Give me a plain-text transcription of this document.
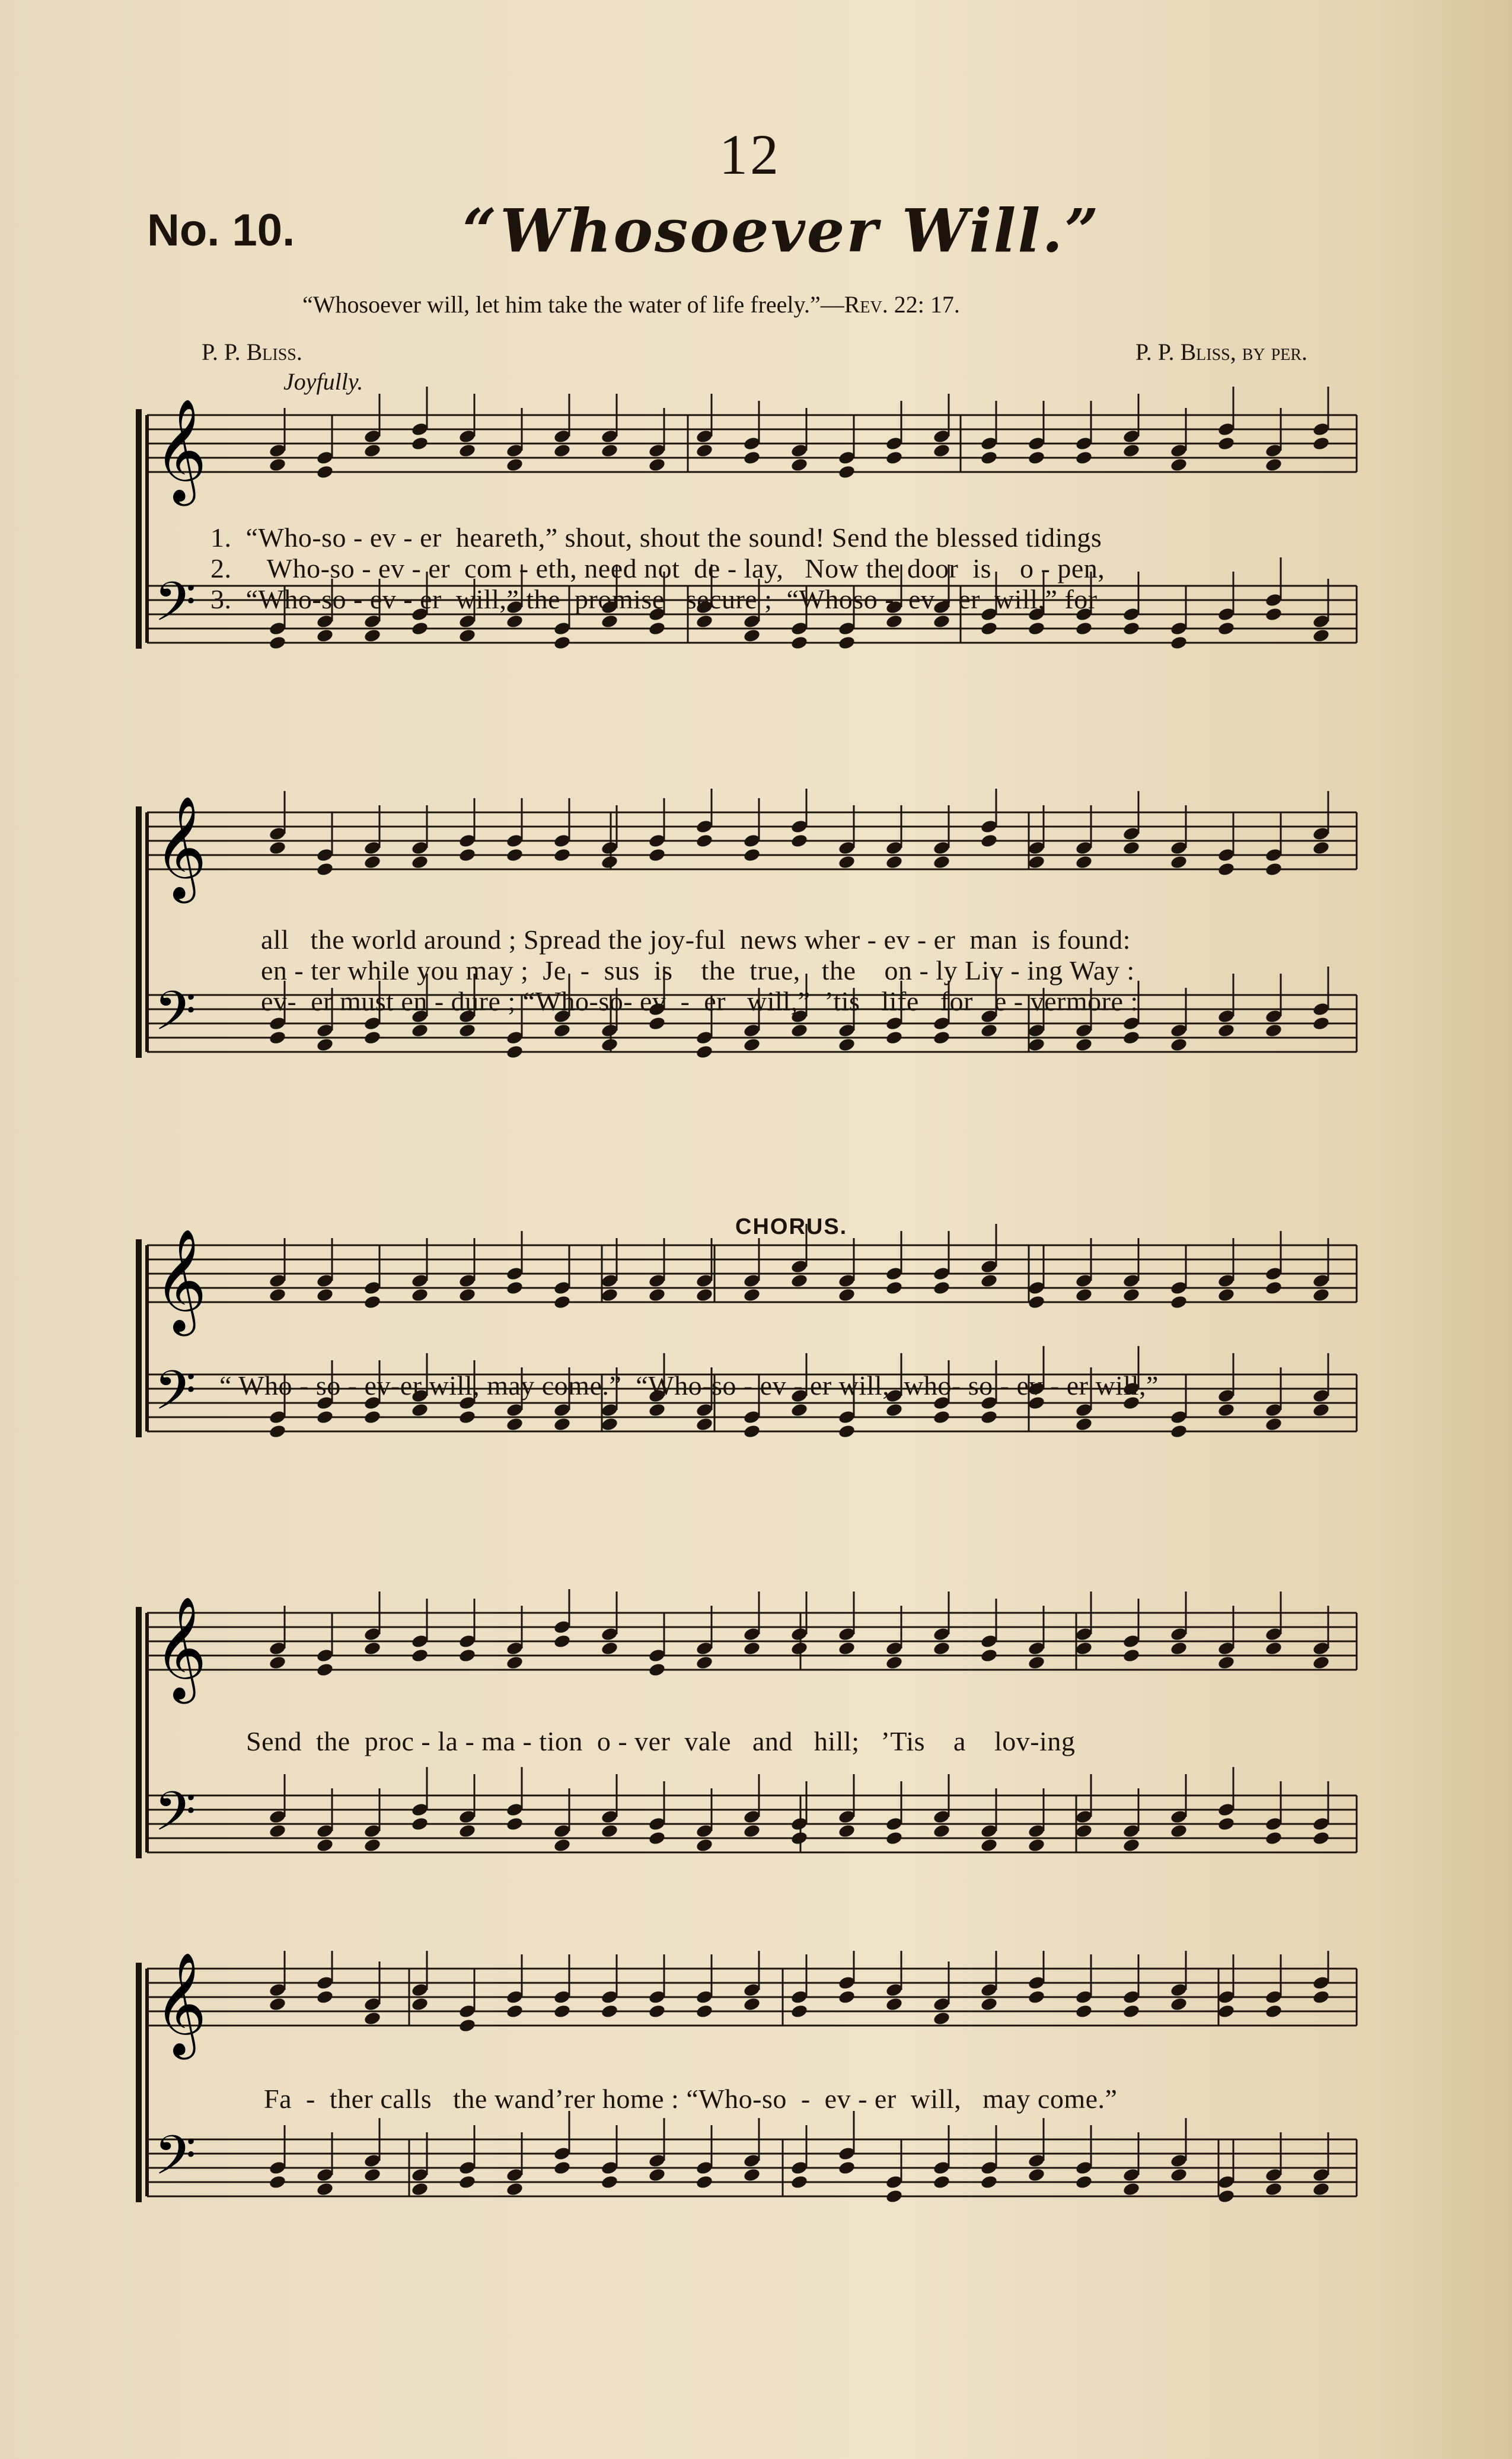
12
No. 10.	“Whosoever Will.”
“Whosoever will, let him take the water of life freely.”—Rev. 22: 17.
P. P. Bliss.	P. P. Bliss, by per.
Joyfully.
CHORUS.
𝄞
𝄢
𝄞
𝄢
𝄞
𝄢
𝄞
𝄢
𝄞
𝄢
1.  “Who-so - ev - er  heareth,” shout, shout the sound! Send the blessed tidings
2.     Who-so - ev - er  com - eth, need not  de - lay,   Now the door  is    o - pen,
3.  “Who-so - ev - er  will,” the  promise   secure ;  “Whoso -  ev - er  will,” for
all   the world around ; Spread the joy-ful  news wher - ev - er  man  is found:
en - ter while you may ;  Je  -  sus  is    the  true,   the    on - ly Liv - ing Way :
ev-  er must en - dure ; “Who-so- ev  -  er   will,”  ’tis   life   for   e - vermore :
“ Who - so - ev-er will, may come.”  “Who-so - ev - er will,  who- so - ev - er will,”
Send  the  proc - la - ma - tion  o - ver  vale   and   hill;   ’Tis    a    lov-ing
Fa  -  ther calls   the wand’rer home : “Who-so  -  ev - er  will,   may come.”
